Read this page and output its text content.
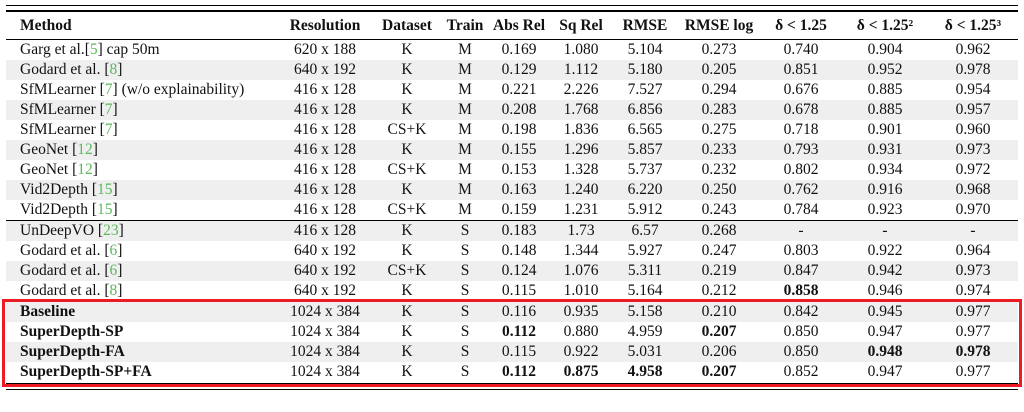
Method	Resolution	Dataset	Train	Abs Rel	Sq Rel	RMSE	RMSE log	δ < 1.25	δ < 1.25²	δ < 1.25³
Garg et al.[5] cap 50m	620 x 188	K	M	0.169	1.080	5.104	0.273	0.740	0.904	0.962
Godard et al. [8]	640 x 192	K	M	0.129	1.112	5.180	0.205	0.851	0.952	0.978
SfMLearner [7] (w/o explainability)	416 x 128	K	M	0.221	2.226	7.527	0.294	0.676	0.885	0.954
SfMLearner [7]	416 x 128	K	M	0.208	1.768	6.856	0.283	0.678	0.885	0.957
SfMLearner [7]	416 x 128	CS+K	M	0.198	1.836	6.565	0.275	0.718	0.901	0.960
GeoNet [12]	416 x 128	K	M	0.155	1.296	5.857	0.233	0.793	0.931	0.973
GeoNet [12]	416 x 128	CS+K	M	0.153	1.328	5.737	0.232	0.802	0.934	0.972
Vid2Depth [15]	416 x 128	K	M	0.163	1.240	6.220	0.250	0.762	0.916	0.968
Vid2Depth [15]	416 x 128	CS+K	M	0.159	1.231	5.912	0.243	0.784	0.923	0.970
UnDeepVO [23]	416 x 128	K	S	0.183	1.73	6.57	0.268	-	-	-
Godard et al. [6]	640 x 192	K	S	0.148	1.344	5.927	0.247	0.803	0.922	0.964
Godard et al. [6]	640 x 192	CS+K	S	0.124	1.076	5.311	0.219	0.847	0.942	0.973
Godard et al. [8]	640 x 192	K	S	0.115	1.010	5.164	0.212	0.858	0.946	0.974
Baseline	1024 x 384	K	S	0.116	0.935	5.158	0.210	0.842	0.945	0.977
SuperDepth-SP	1024 x 384	K	S	0.112	0.880	4.959	0.207	0.850	0.947	0.977
SuperDepth-FA	1024 x 384	K	S	0.115	0.922	5.031	0.206	0.850	0.948	0.978
SuperDepth-SP+FA	1024 x 384	K	S	0.112	0.875	4.958	0.207	0.852	0.947	0.977
